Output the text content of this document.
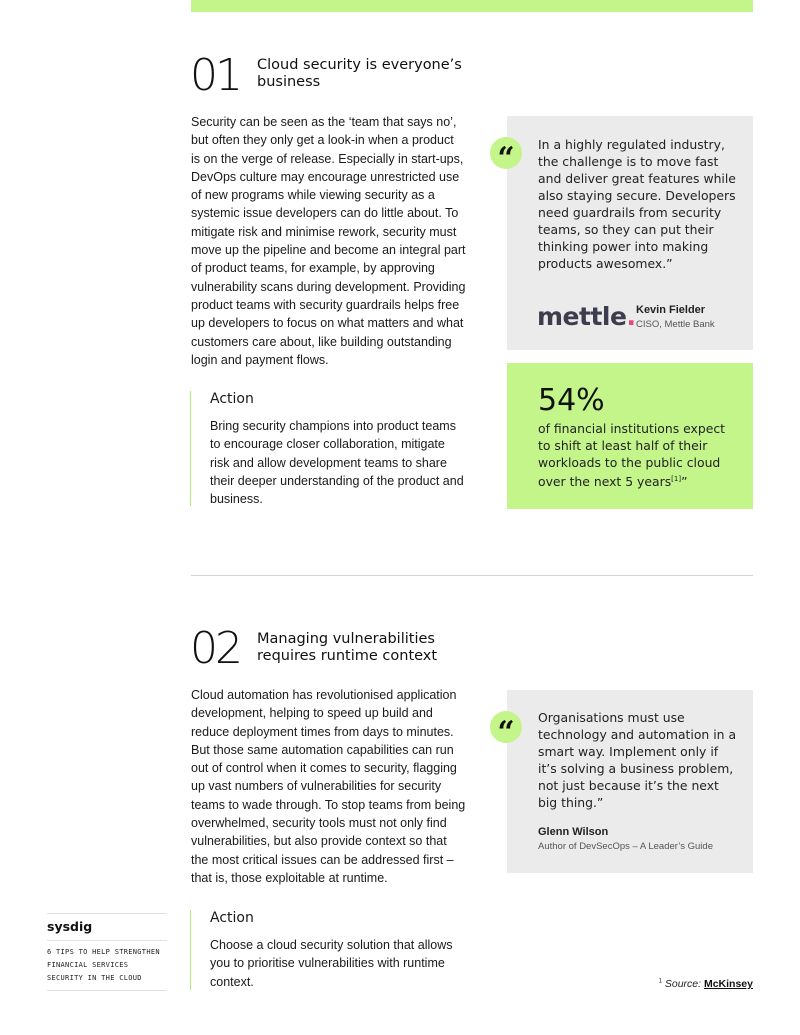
01 Cloud security is everyone’s business

Security can be seen as the ‘team that says no’, but often they only get a look-in when a product is on the verge of release. Especially in start-ups, DevOps culture may encourage unrestricted use of new programs while viewing security as a systemic issue developers can do little about. To mitigate risk and minimise rework, security must move up the pipeline and become an integral part of product teams, for example, by approving vulnerability scans during development. Providing product teams with security guardrails helps free up developers to focus on what matters and what customers care about, like building outstanding login and payment flows.

Action

Bring security champions into product teams to encourage closer collaboration, mitigate risk and allow development teams to share their deeper understanding of the product and business.

In a highly regulated industry, the challenge is to move fast and deliver great features while also staying secure. Developers need guardrails from security teams, so they can put their thinking power into making products awesomex.”

mettle. Kevin Fielder
CISO, Mettle Bank
“
54%

of financial institutions expect to shift at least half of their workloads to the public cloud over the next 5 years[1]”

02 Managing vulnerabilities requires runtime context

Cloud automation has revolutionised application development, helping to speed up build and reduce deployment times from days to minutes. But those same automation capabilities can run out of control when it comes to security, flagging up vast numbers of vulnerabilities for security teams to wade through. To stop teams from being overwhelmed, security tools must not only find vulnerabilities, but also provide context so that the most critical issues can be addressed first – that is, those exploitable at runtime.

Action

Choose a cloud security solution that allows you to prioritise vulnerabilities with runtime context.

Organisations must use technology and automation in a smart way. Implement only if it’s solving a business problem, not just because it’s the next big thing.”

Glenn Wilson
Author of DevSecOps – A Leader’s Guide
“
sysdig
6 TIPS TO HELP STRENGTHEN FINANCIAL SERVICES SECURITY IN THE CLOUD	$^1$ Source: McKinsey
